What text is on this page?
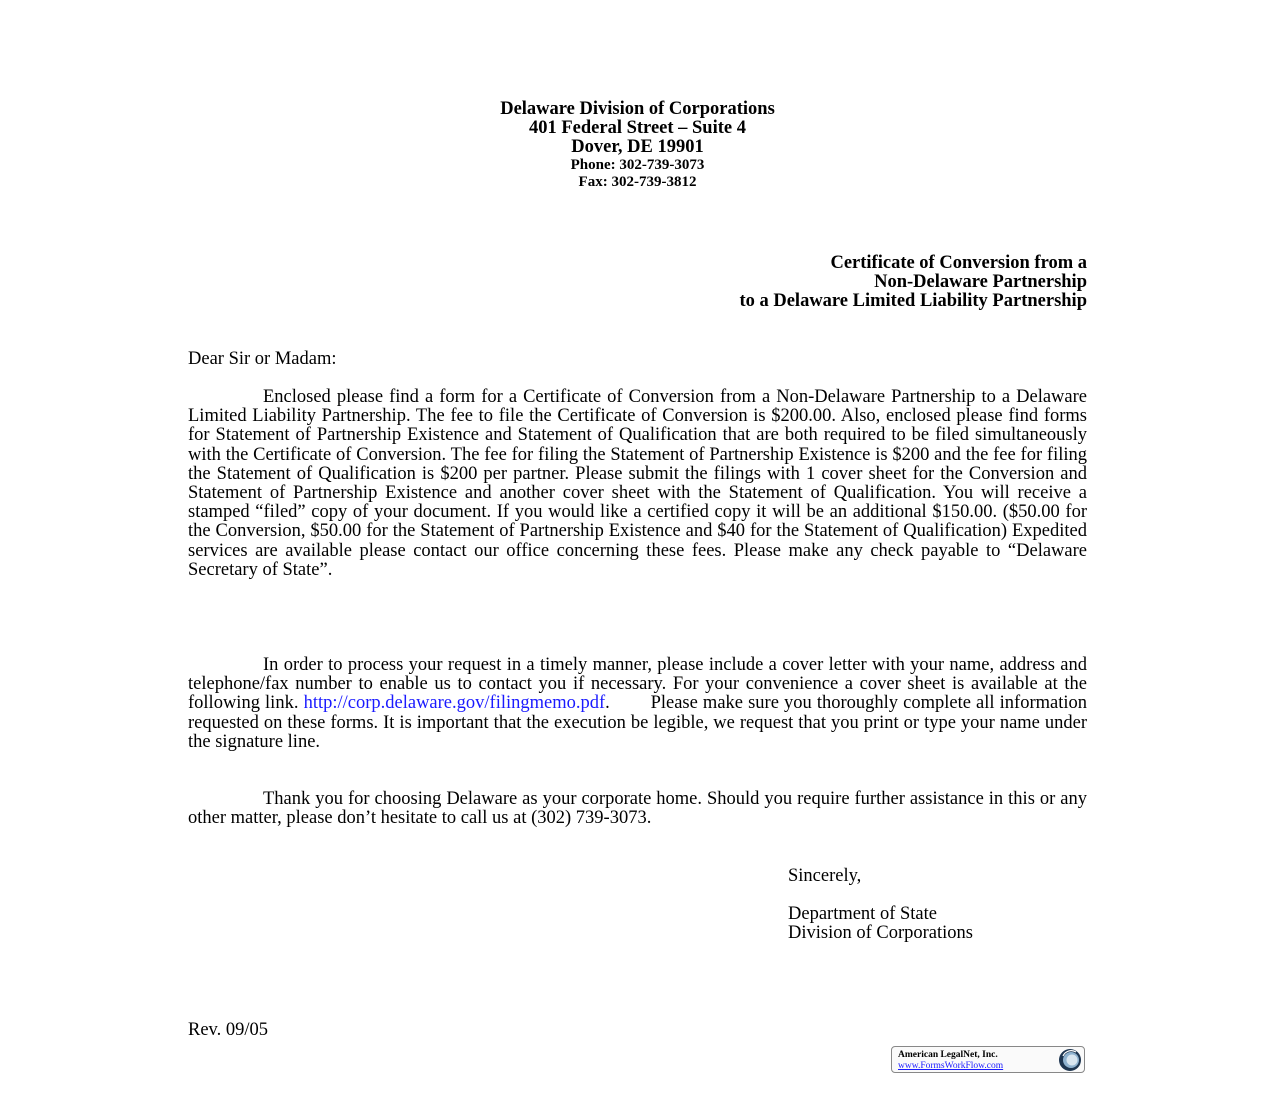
Delaware Division of Corporations
401 Federal Street – Suite 4
Dover, DE 19901
Phone: 302-739-3073
Fax: 302-739-3812
Certificate of Conversion from a
Non-Delaware Partnership
to a Delaware Limited Liability Partnership
Dear Sir or Madam:
Enclosed please find a form for a Certificate of Conversion from a Non-Delaware Partnership to a Delaware Limited Liability Partnership. The fee to file the Certificate of Conversion is $200.00. Also, enclosed please find forms for Statement of Partnership Existence and Statement of Qualification that are both required to be filed simultaneously with the Certificate of Conversion. The fee for filing the Statement of Partnership Existence is $200 and the fee for filing the Statement of Qualification is $200 per partner. Please submit the filings with 1 cover sheet for the Conversion and Statement of Partnership Existence and another cover sheet with the Statement of Qualification. You will receive a stamped “filed” copy of your document. If you would like a certified copy it will be an additional $150.00. ($50.00 for the Conversion, $50.00 for the Statement of Partnership Existence and $40 for the Statement of Qualification) Expedited services are available please contact our office concerning these fees. Please make any check payable to “Delaware Secretary of State”.
In order to process your request in a timely manner, please include a cover letter with your name, address and telephone/fax number to enable us to contact you if necessary. For your convenience a cover sheet is available at the following link. http://corp.delaware.gov/filingmemo.pdf.        Please make sure you thoroughly complete all information requested on these forms. It is important that the execution be legible, we request that you print or type your name under the signature line.
Thank you for choosing Delaware as your corporate home. Should you require further assistance in this or any other matter, please don’t hesitate to call us at (302) 739-3073.
Sincerely,
Department of State
Division of Corporations
Rev. 09/05
American LegalNet, Inc.
www.FormsWorkFlow.com
